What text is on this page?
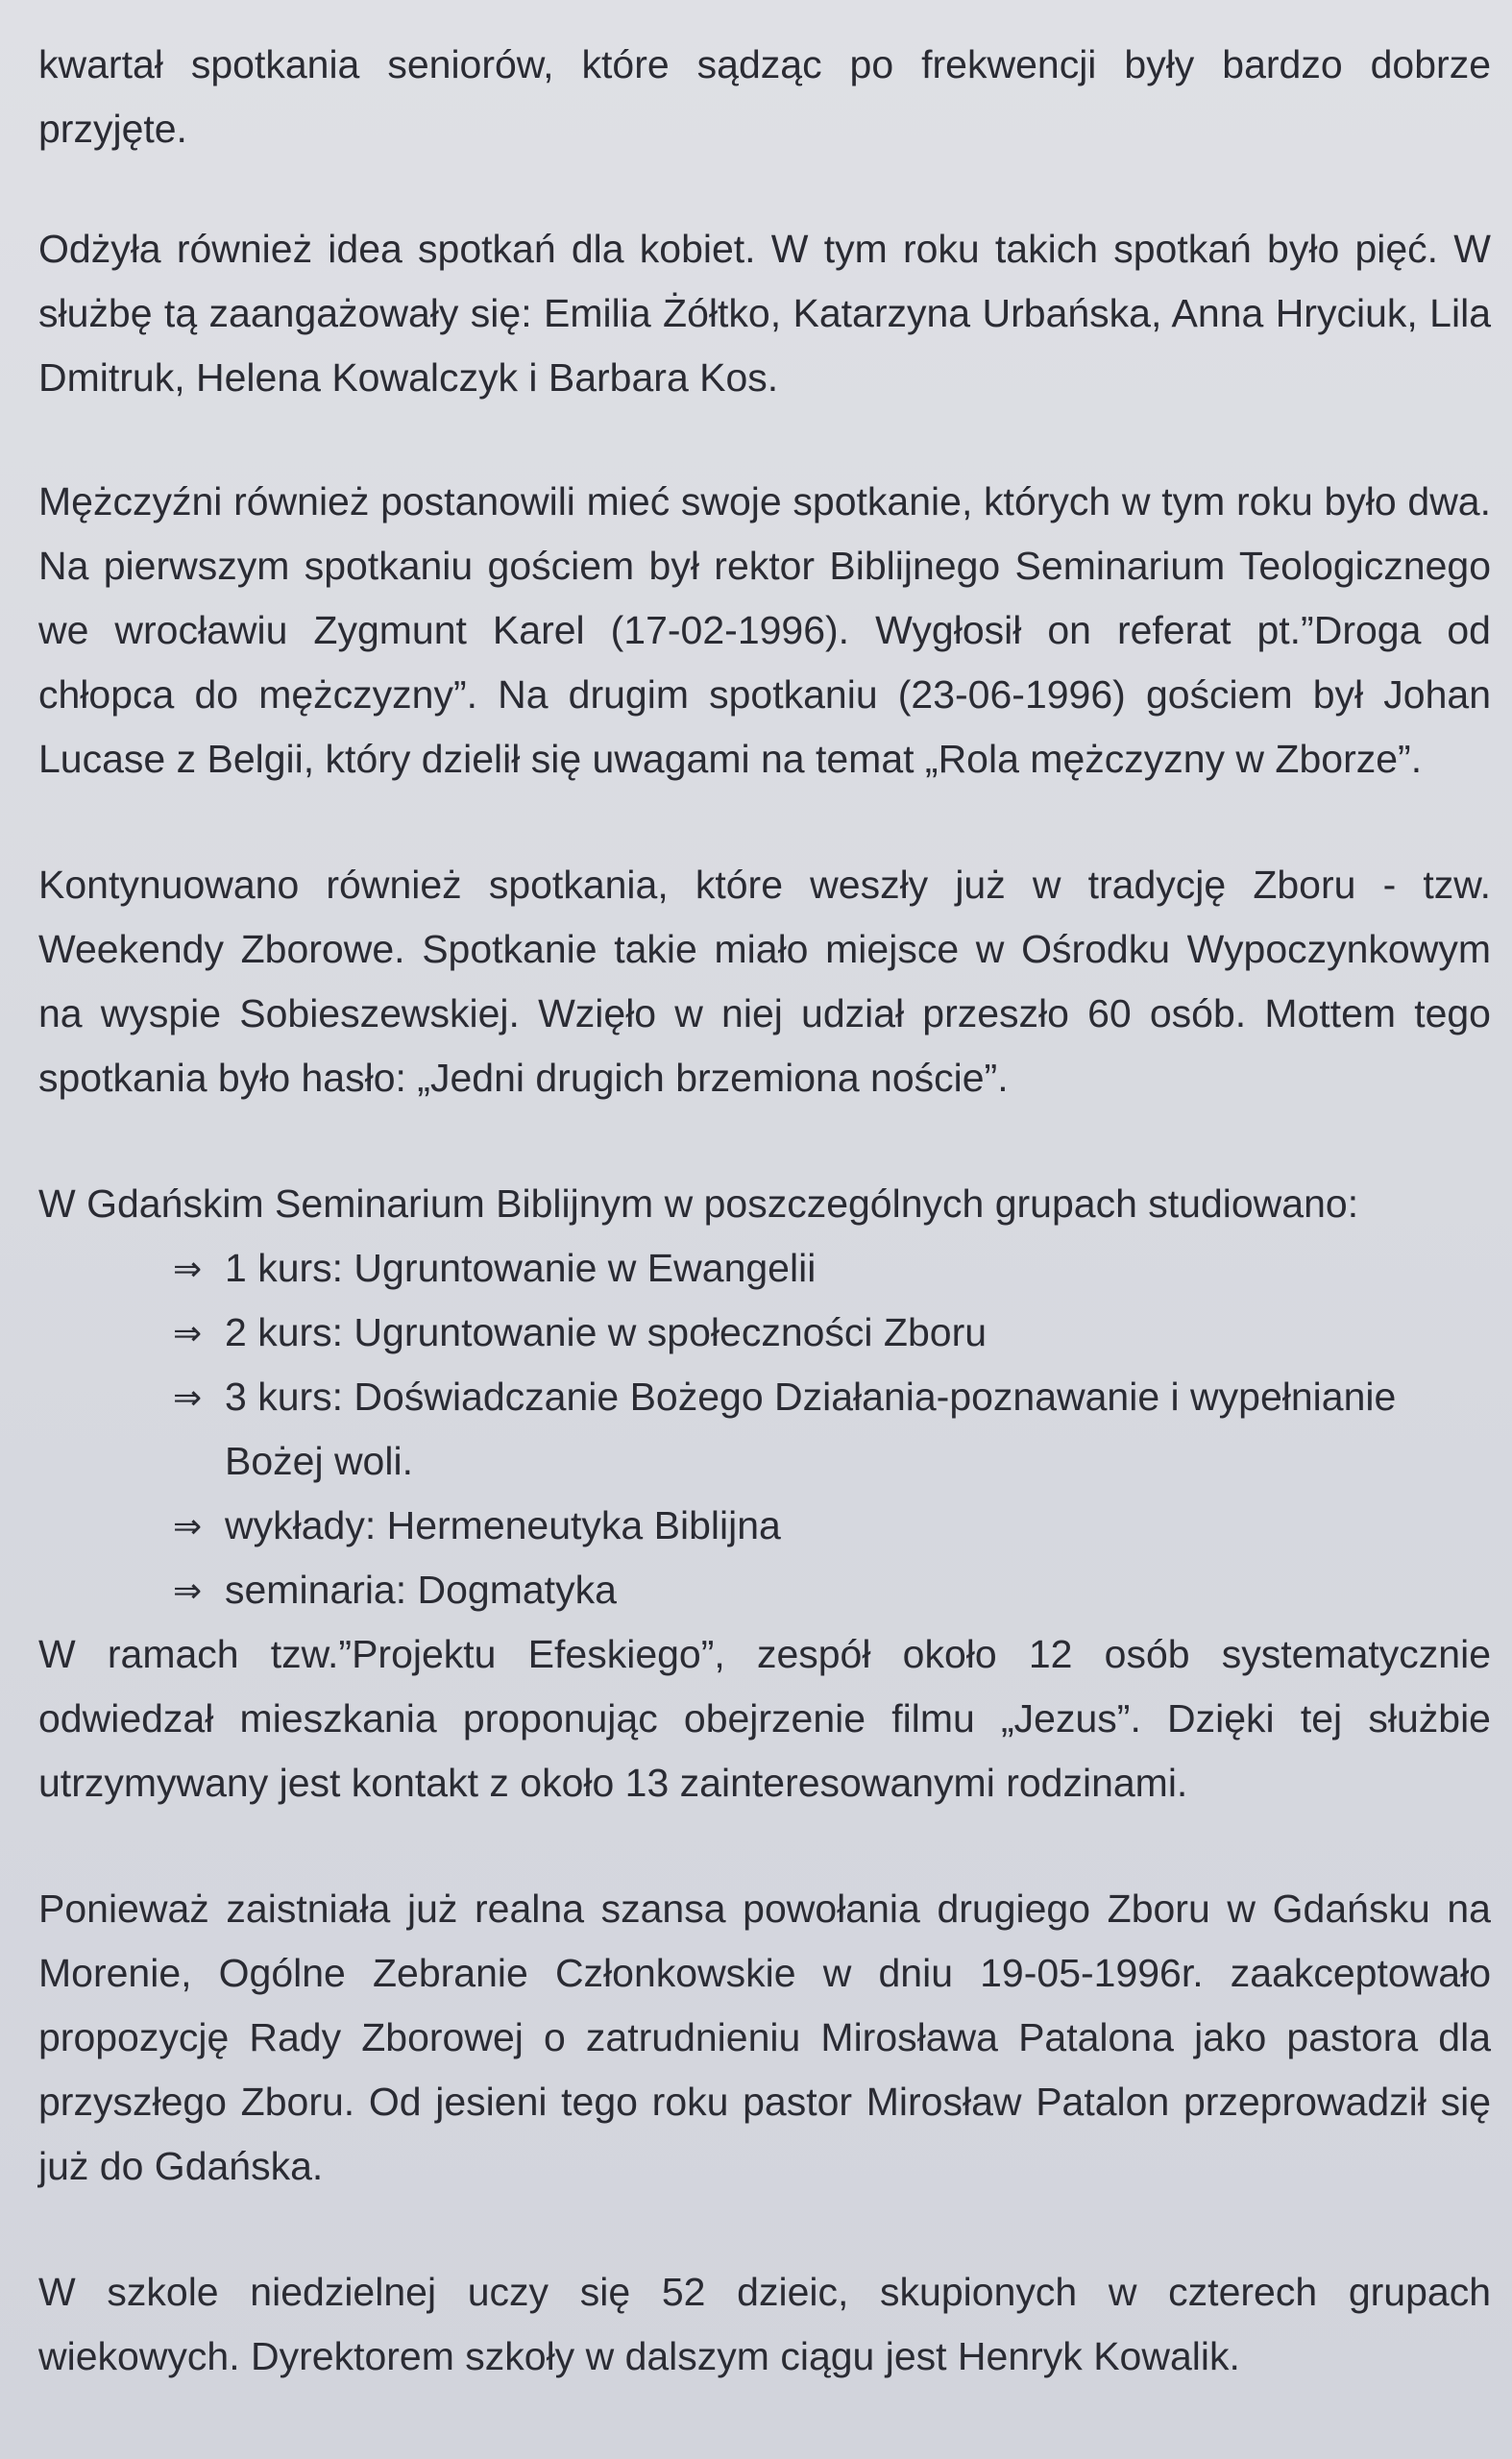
kwartał spotkania seniorów, które sądząc po frekwencji były bardzo dobrze przyjęte.

Odżyła również idea spotkań dla kobiet. W tym roku takich spotkań było pięć. W służbę tą zaangażowały się: Emilia Żółtko, Katarzyna Urbańska, Anna Hryciuk, Lila Dmitruk, Helena Kowalczyk i Barbara Kos.

Mężczyźni również postanowili mieć swoje spotkanie, których w tym roku było dwa. Na pierwszym spotkaniu gościem był rektor Biblijnego Seminarium Teologicznego we wrocławiu Zygmunt Karel (17-02-1996). Wygłosił on referat pt.”Droga od chłopca do mężczyzny”. Na drugim spotkaniu (23-06-1996) gościem był Johan Lucase z Belgii, który dzielił się uwagami na temat „Rola mężczyzny w Zborze”.

Kontynuowano również spotkania, które weszły już w tradycję Zboru - tzw. Weekendy Zborowe. Spotkanie takie miało miejsce w Ośrodku Wypoczynkowym na wyspie Sobieszewskiej. Wzięło w niej udział przeszło 60 osób. Mottem tego spotkania było hasło: „Jedni drugich brzemiona noście”.

W Gdańskim Seminarium Biblijnym w poszczególnych grupach studiowano:

⇒ 1 kurs: Ugruntowanie w Ewangelii
⇒ 2 kurs: Ugruntowanie w społeczności Zboru
⇒ 3 kurs: Doświadczanie Bożego Działania-poznawanie i wypełnianie Bożej woli.
⇒ wykłady: Hermeneutyka Biblijna
⇒ seminaria: Dogmatyka

W ramach tzw.”Projektu Efeskiego”, zespół około 12 osób systematycznie odwiedzał mieszkania proponując obejrzenie filmu „Jezus”. Dzięki tej służbie utrzymywany jest kontakt z około 13 zainteresowanymi rodzinami.

Ponieważ zaistniała już realna szansa powołania drugiego Zboru w Gdańsku na Morenie, Ogólne Zebranie Członkowskie w dniu 19-05-1996r. zaakceptowało propozycję Rady Zborowej o zatrudnieniu Mirosława Patalona jako pastora dla przyszłego Zboru. Od jesieni tego roku pastor Mirosław Patalon przeprowadził się już do Gdańska.

W szkole niedzielnej uczy się 52 dzieic, skupionych w czterech grupach wiekowych. Dyrektorem szkoły w dalszym ciągu jest Henryk Kowalik.
